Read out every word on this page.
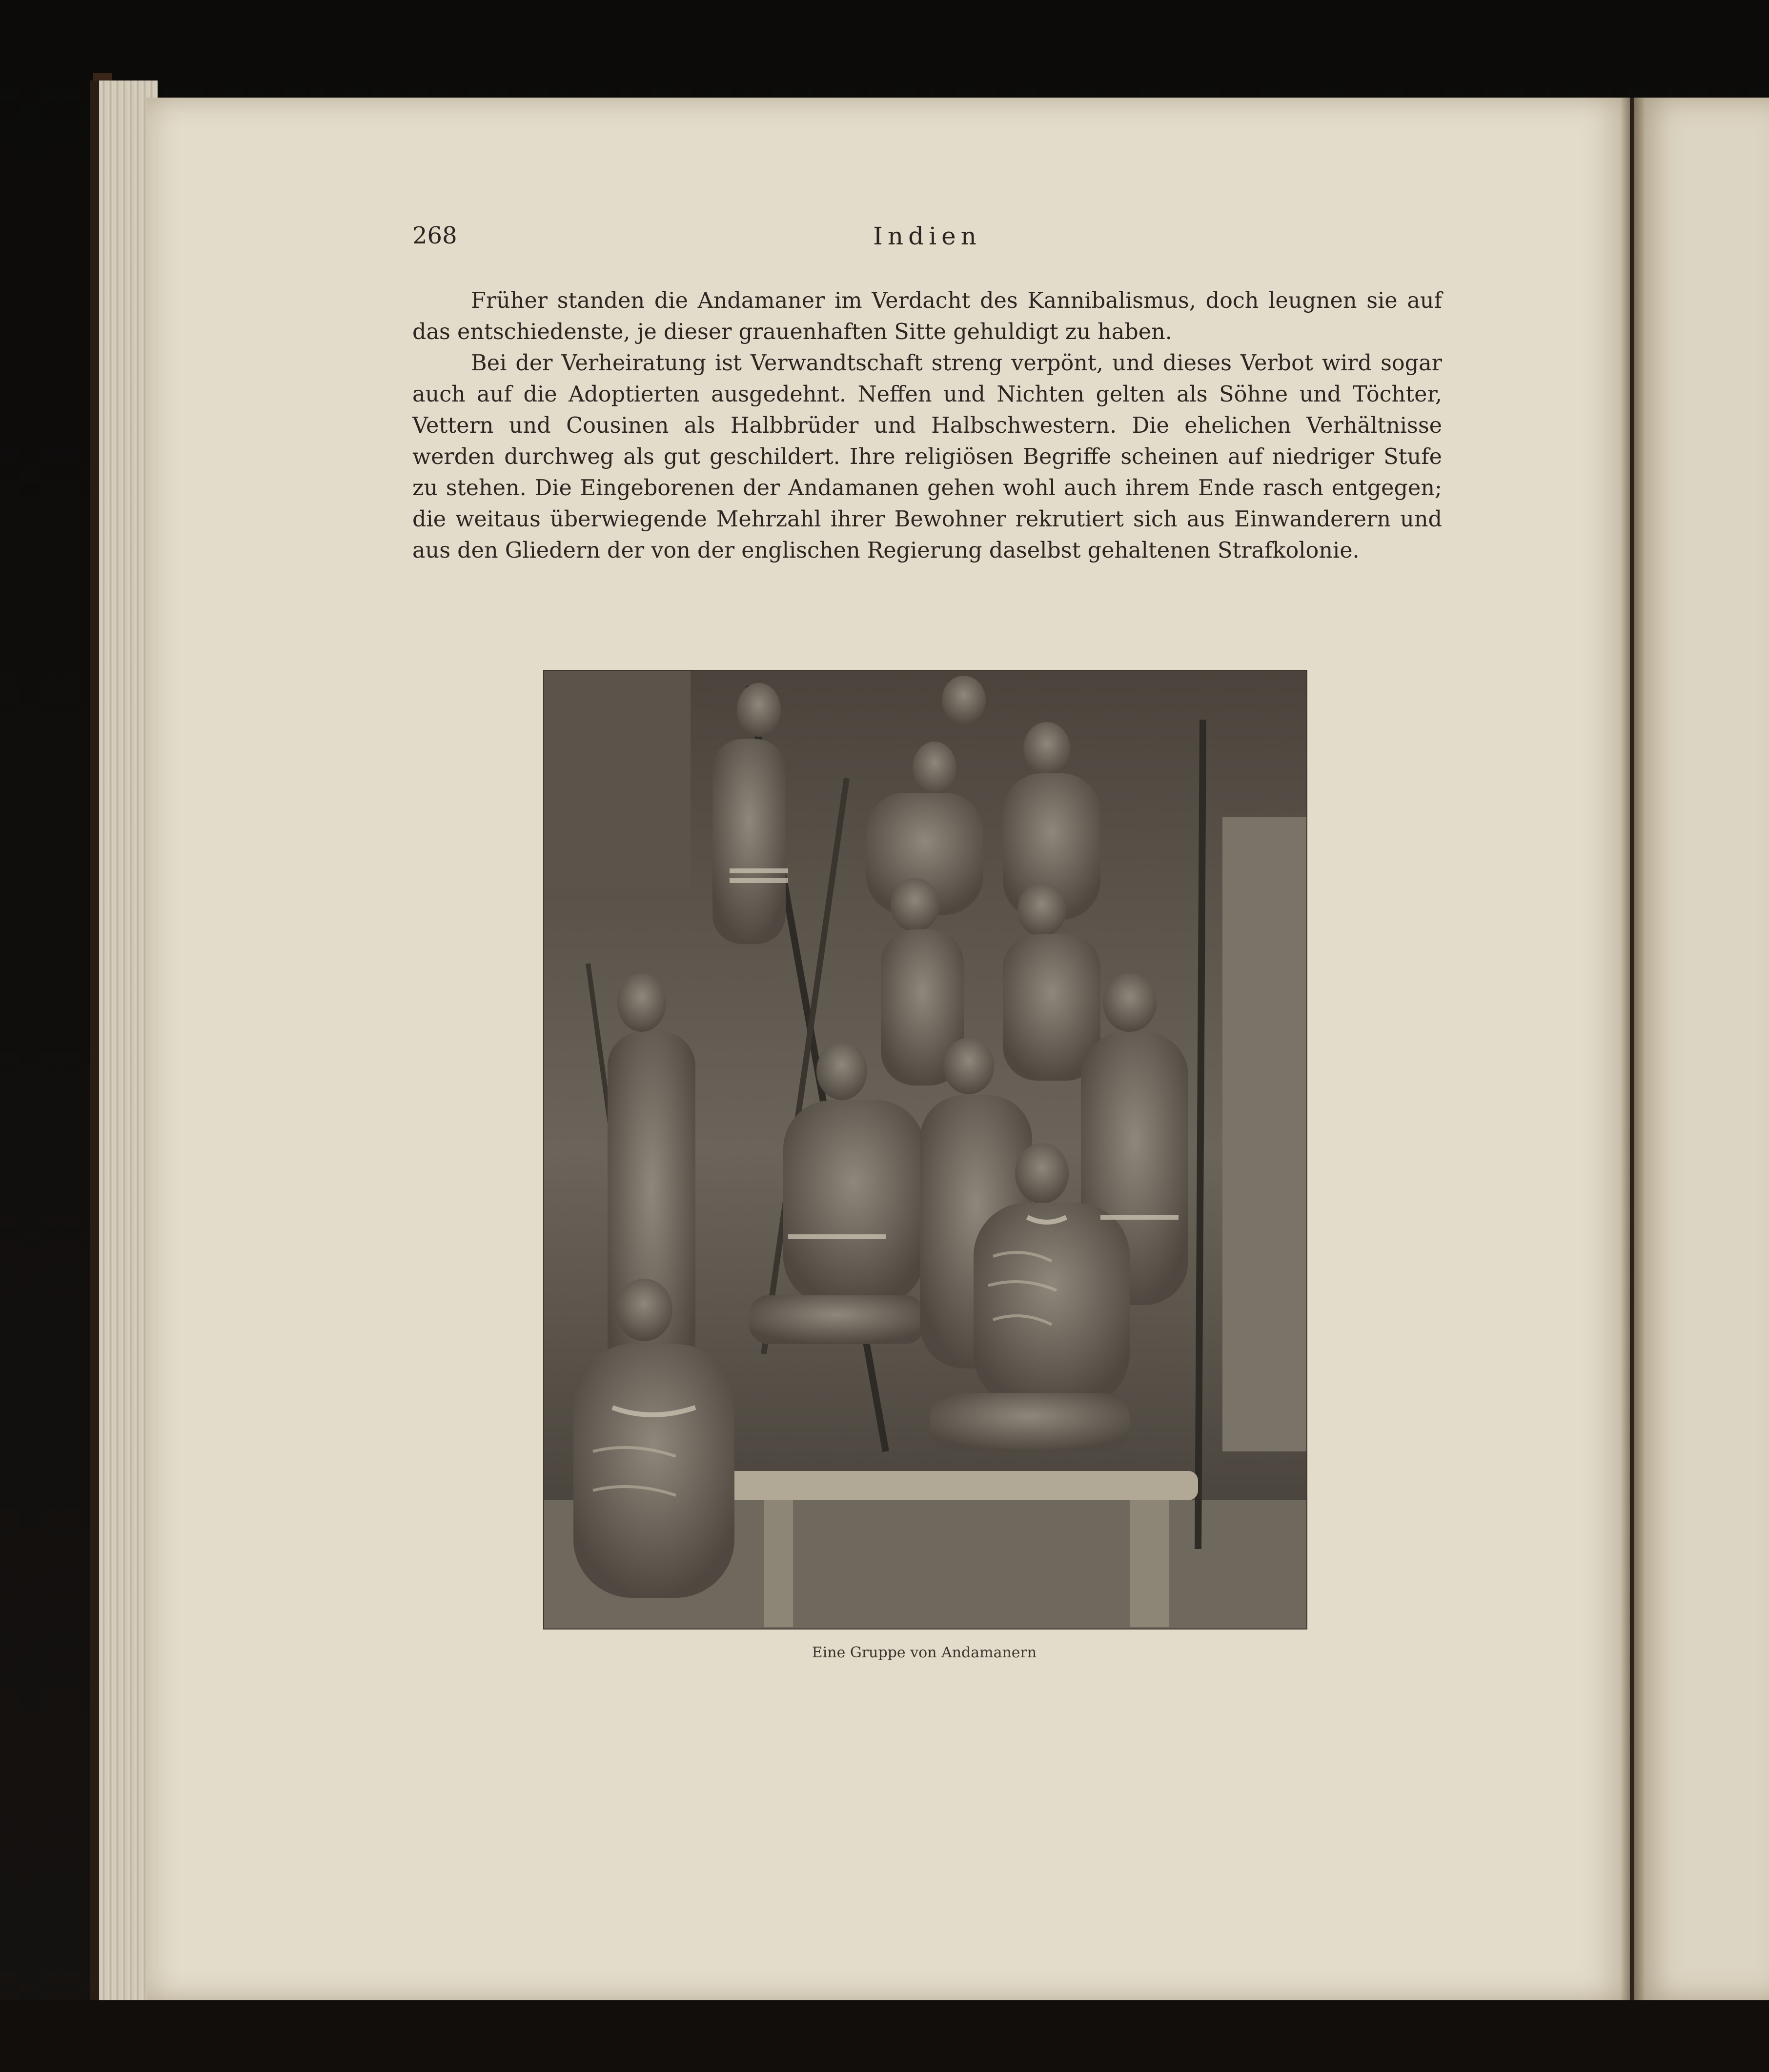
268	Indien

Früher standen die Andamaner im Verdacht des Kannibalismus, doch leugnen sie auf das entschiedenste, je dieser grauenhaften Sitte gehuldigt zu haben.

Bei der Verheiratung ist Verwandtschaft streng verpönt, und dieses Verbot wird sogar auch auf die Adoptierten ausgedehnt. Neffen und Nichten gelten als Söhne und Töchter, Vettern und Cousinen als Halbbrüder und Halbschwestern. Die ehelichen Verhältnisse werden durchweg als gut geschildert. Ihre religiösen Begriffe scheinen auf niedriger Stufe zu stehen. Die Eingeborenen der Andamanen gehen wohl auch ihrem Ende rasch entgegen; die weitaus überwiegende Mehrzahl ihrer Bewohner rekrutiert sich aus Einwanderern und aus den Gliedern der von der englischen Regierung daselbst gehaltenen Strafkolonie.

Eine Gruppe von Andamanern
